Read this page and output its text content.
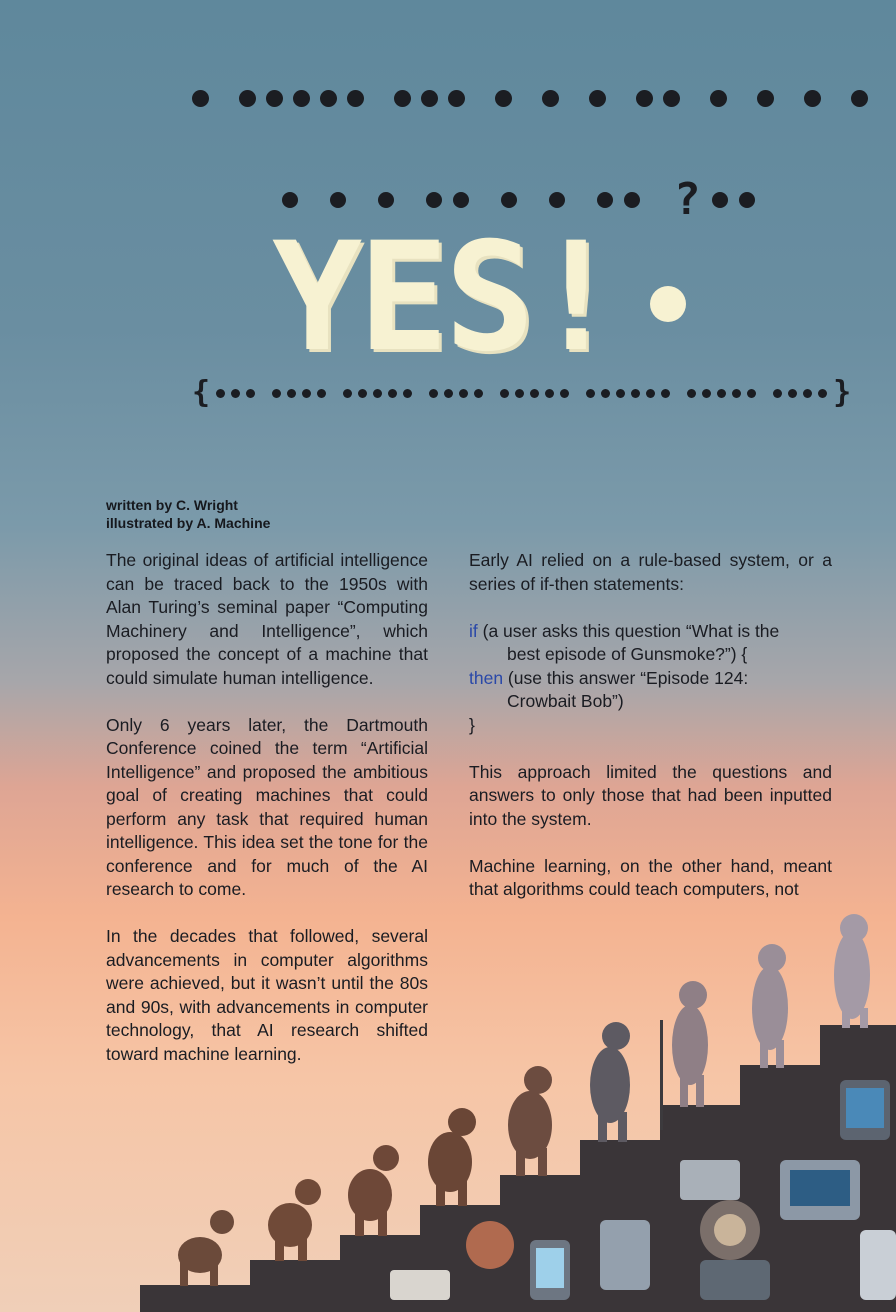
?
YES!
{	}
written by C. Wright
illustrated by A. Machine

The original ideas of artificial intelligence can be traced back to the 1950s with Alan Turing’s seminal paper “Computing Machinery and Intelligence”, which proposed the concept of a machine that could simulate human intelligence.

Only 6 years later, the Dartmouth Conference coined the term “Artificial Intelligence” and proposed the ambitious goal of creating machines that could perform any task that required human intelligence. This idea set the tone for the conference and for much of the AI research to come.

In the decades that followed, several advancements in computer algorithms were achieved, but it wasn’t until the 80s and 90s, with advancements in computer technology, that AI research shifted toward machine learning.

Early AI relied on a rule-based system, or a series of if-then statements:

if (a user asks this question “What is the
best episode of Gunsmoke?”) {
then (use this answer “Episode 124:
Crowbait Bob”)
}

This approach limited the questions and answers to only those that had been inputted into the system.

Machine learning, on the other hand, meant that algorithms could teach computers, not
